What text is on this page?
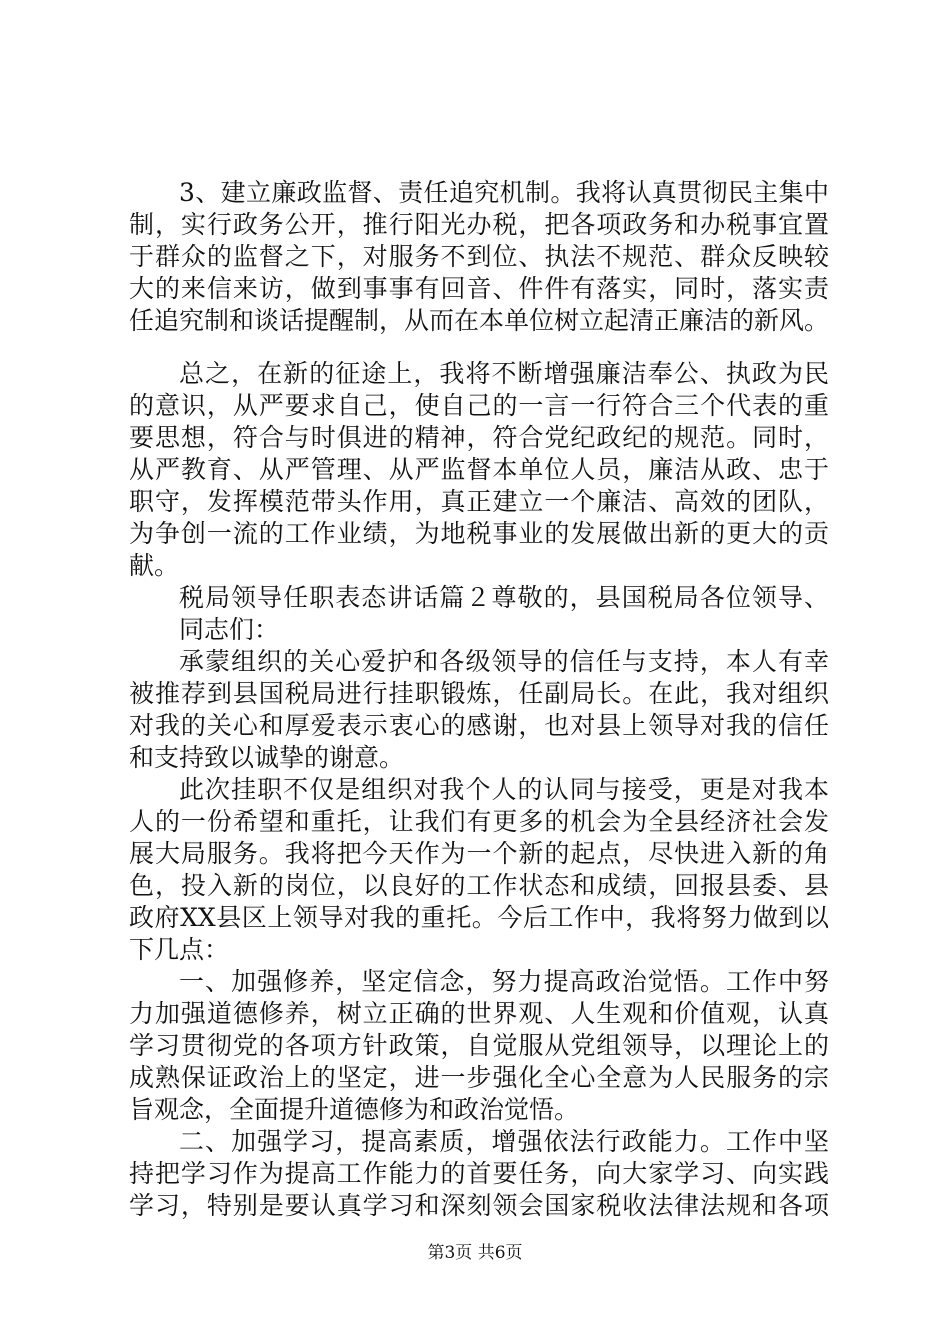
3、建立廉政监督、责任追究机制。我将认真贯彻民主集中
制，实行政务公开，推行阳光办税，把各项政务和办税事宜置
于群众的监督之下，对服务不到位、执法不规范、群众反映较
大的来信来访，做到事事有回音、件件有落实，同时，落实责
任追究制和谈话提醒制，从而在本单位树立起清正廉洁的新风。
总之，在新的征途上，我将不断增强廉洁奉公、执政为民
的意识，从严要求自己，使自己的一言一行符合三个代表的重
要思想，符合与时俱进的精神，符合党纪政纪的规范。同时，
从严教育、从严管理、从严监督本单位人员，廉洁从政、忠于
职守，发挥模范带头作用，真正建立一个廉洁、高效的团队，
为争创一流的工作业绩，为地税事业的发展做出新的更大的贡
献。
税局领导任职表态讲话篇２尊敬的，县国税局各位领导、
同志们：
承蒙组织的关心爱护和各级领导的信任与支持，本人有幸
被推荐到县国税局进行挂职锻炼，任副局长。在此，我对组织
对我的关心和厚爱表示衷心的感谢，也对县上领导对我的信任
和支持致以诚挚的谢意。
此次挂职不仅是组织对我个人的认同与接受，更是对我本
人的一份希望和重托，让我们有更多的机会为全县经济社会发
展大局服务。我将把今天作为一个新的起点，尽快进入新的角
色，投入新的岗位，以良好的工作状态和成绩，回报县委、县
政府XX县区上领导对我的重托。今后工作中，我将努力做到以
下几点：
一、加强修养，坚定信念，努力提高政治觉悟。工作中努
力加强道德修养，树立正确的世界观、人生观和价值观，认真
学习贯彻党的各项方针政策，自觉服从党组领导，以理论上的
成熟保证政治上的坚定，进一步强化全心全意为人民服务的宗
旨观念，全面提升道德修为和政治觉悟。
二、加强学习，提高素质，增强依法行政能力。工作中坚
持把学习作为提高工作能力的首要任务，向大家学习、向实践
学习，特别是要认真学习和深刻领会国家税收法律法规和各项
第3页 共6页
